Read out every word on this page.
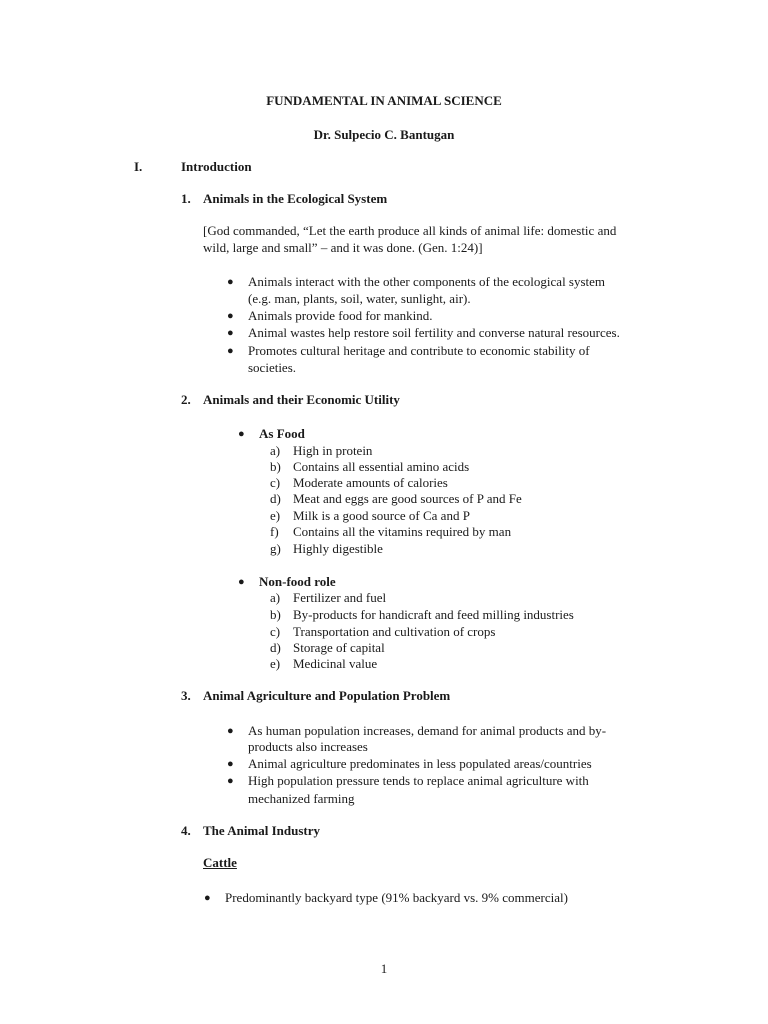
FUNDAMENTAL IN ANIMAL SCIENCE
Dr. Sulpecio C. Bantugan
I.	Introduction
1. Animals in the Ecological System
[God commanded, “Let the earth produce all kinds of animal life: domestic and
wild, large and small” – and it was done. (Gen. 1:24)]
● Animals interact with the other components of the ecological system
(e.g. man, plants, soil, water, sunlight, air).
● Animals provide food for mankind.
● Animal wastes help restore soil fertility and converse natural resources.
● Promotes cultural heritage and contribute to economic stability of
societies.
2. Animals and their Economic Utility
● As Food
a) High in protein
b) Contains all essential amino acids
c) Moderate amounts of calories
d) Meat and eggs are good sources of P and Fe
e) Milk is a good source of Ca and P
f) Contains all the vitamins required by man
g) Highly digestible
● Non-food role
a) Fertilizer and fuel
b) By-products for handicraft and feed milling industries
c) Transportation and cultivation of crops
d) Storage of capital
e) Medicinal value
3. Animal Agriculture and Population Problem
● As human population increases, demand for animal products and by-
products also increases
● Animal agriculture predominates in less populated areas/countries
● High population pressure tends to replace animal agriculture with
mechanized farming
4. The Animal Industry
Cattle
● Predominantly backyard type (91% backyard vs. 9% commercial)
1
